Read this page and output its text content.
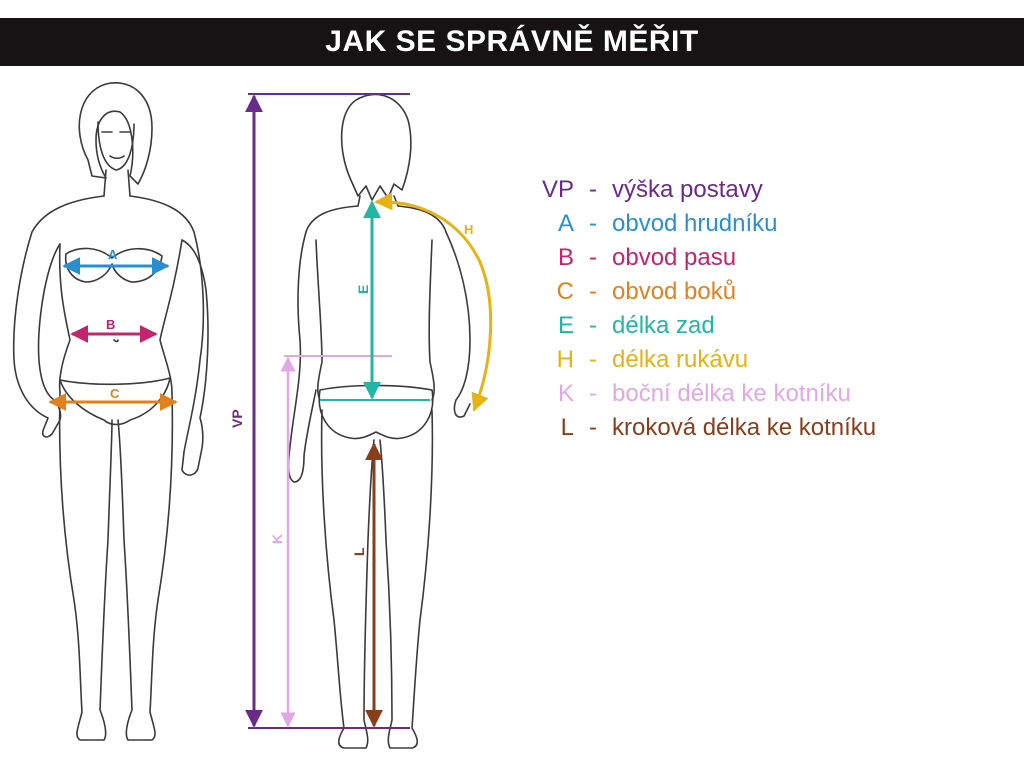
JAK SE SPRÁVNĚ MĚŘIT
A
B
C
VP
K
E
H
L
VP - výška postavy
A - obvod hrudníku
B - obvod pasu
C - obvod boků
E - délka zad
H - délka rukávu
K - boční délka ke kotníku
L - kroková délka ke kotníku
